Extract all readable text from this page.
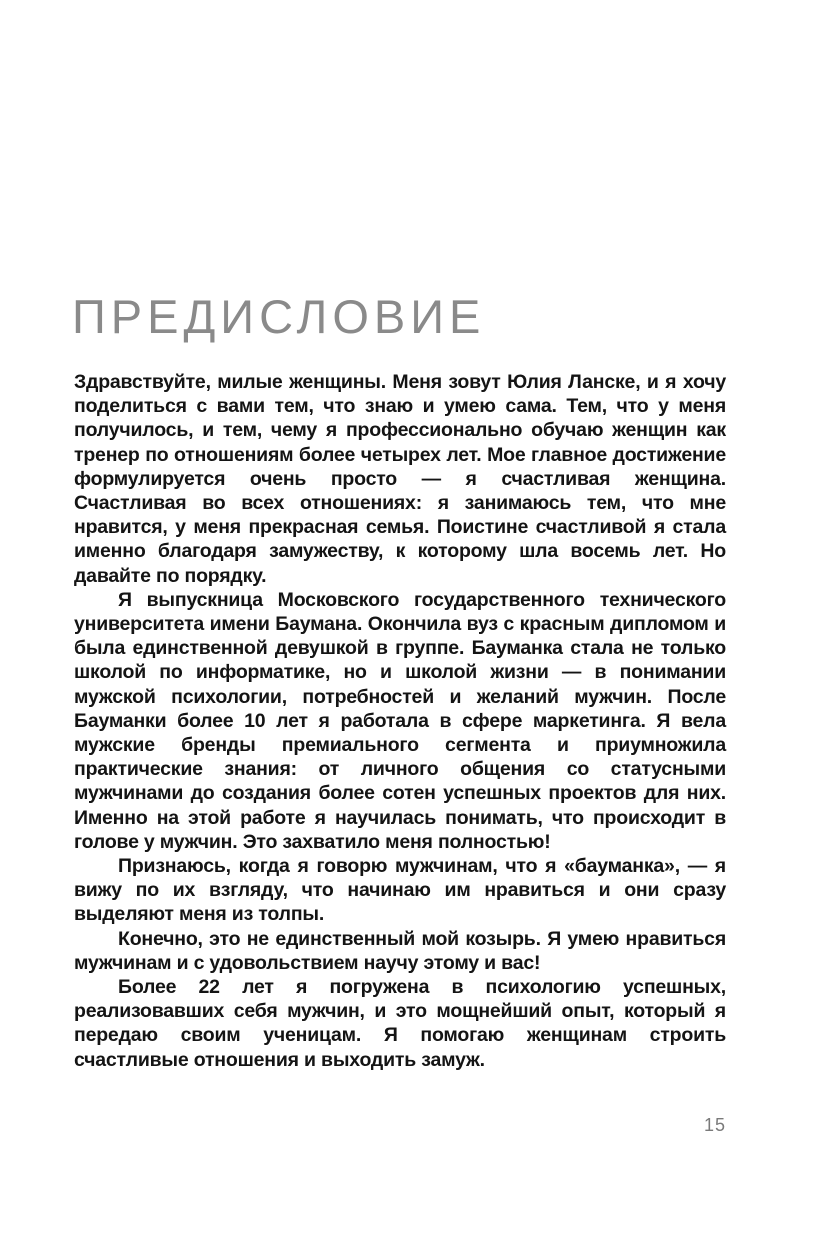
ПРЕДИСЛОВИЕ

Здравствуйте, милые женщины. Меня зовут Юлия Ланске, и я хочу поделиться с вами тем, что знаю и умею сама. Тем, что у меня получилось, и тем, чему я профессионально обучаю женщин как тренер по отношениям более четырех лет. Мое главное достижение формулируется очень просто — я счастливая женщина. Счастливая во всех отношениях: я занимаюсь тем, что мне нравится, у меня прекрасная семья. Поистине счастливой я стала именно благодаря замужеству, к которому шла восемь лет. Но давайте по порядку.

Я выпускница Московского государственного технического университета имени Баумана. Окончила вуз с красным дипломом и была единственной девушкой в группе. Бауманка стала не только школой по информатике, но и школой жизни — в понимании мужской психологии, потребностей и желаний мужчин. После Бауманки более 10 лет я работала в сфере маркетинга. Я вела мужские бренды премиального сегмента и приумножила практические знания: от личного общения со статусными мужчинами до создания более сотен успешных проектов для них. Именно на этой работе я научилась понимать, что происходит в голове у мужчин. Это захватило меня полностью!

Признаюсь, когда я говорю мужчинам, что я «бауманка», — я вижу по их взгляду, что начинаю им нравиться и они сразу выделяют меня из толпы.

Конечно, это не единственный мой козырь. Я умею нравиться мужчинам и с удовольствием научу этому и вас!

Более 22 лет я погружена в психологию успешных, реализовавших себя мужчин, и это мощнейший опыт, который я передаю своим ученицам. Я помогаю женщинам строить счастливые отношения и выходить замуж.

15
